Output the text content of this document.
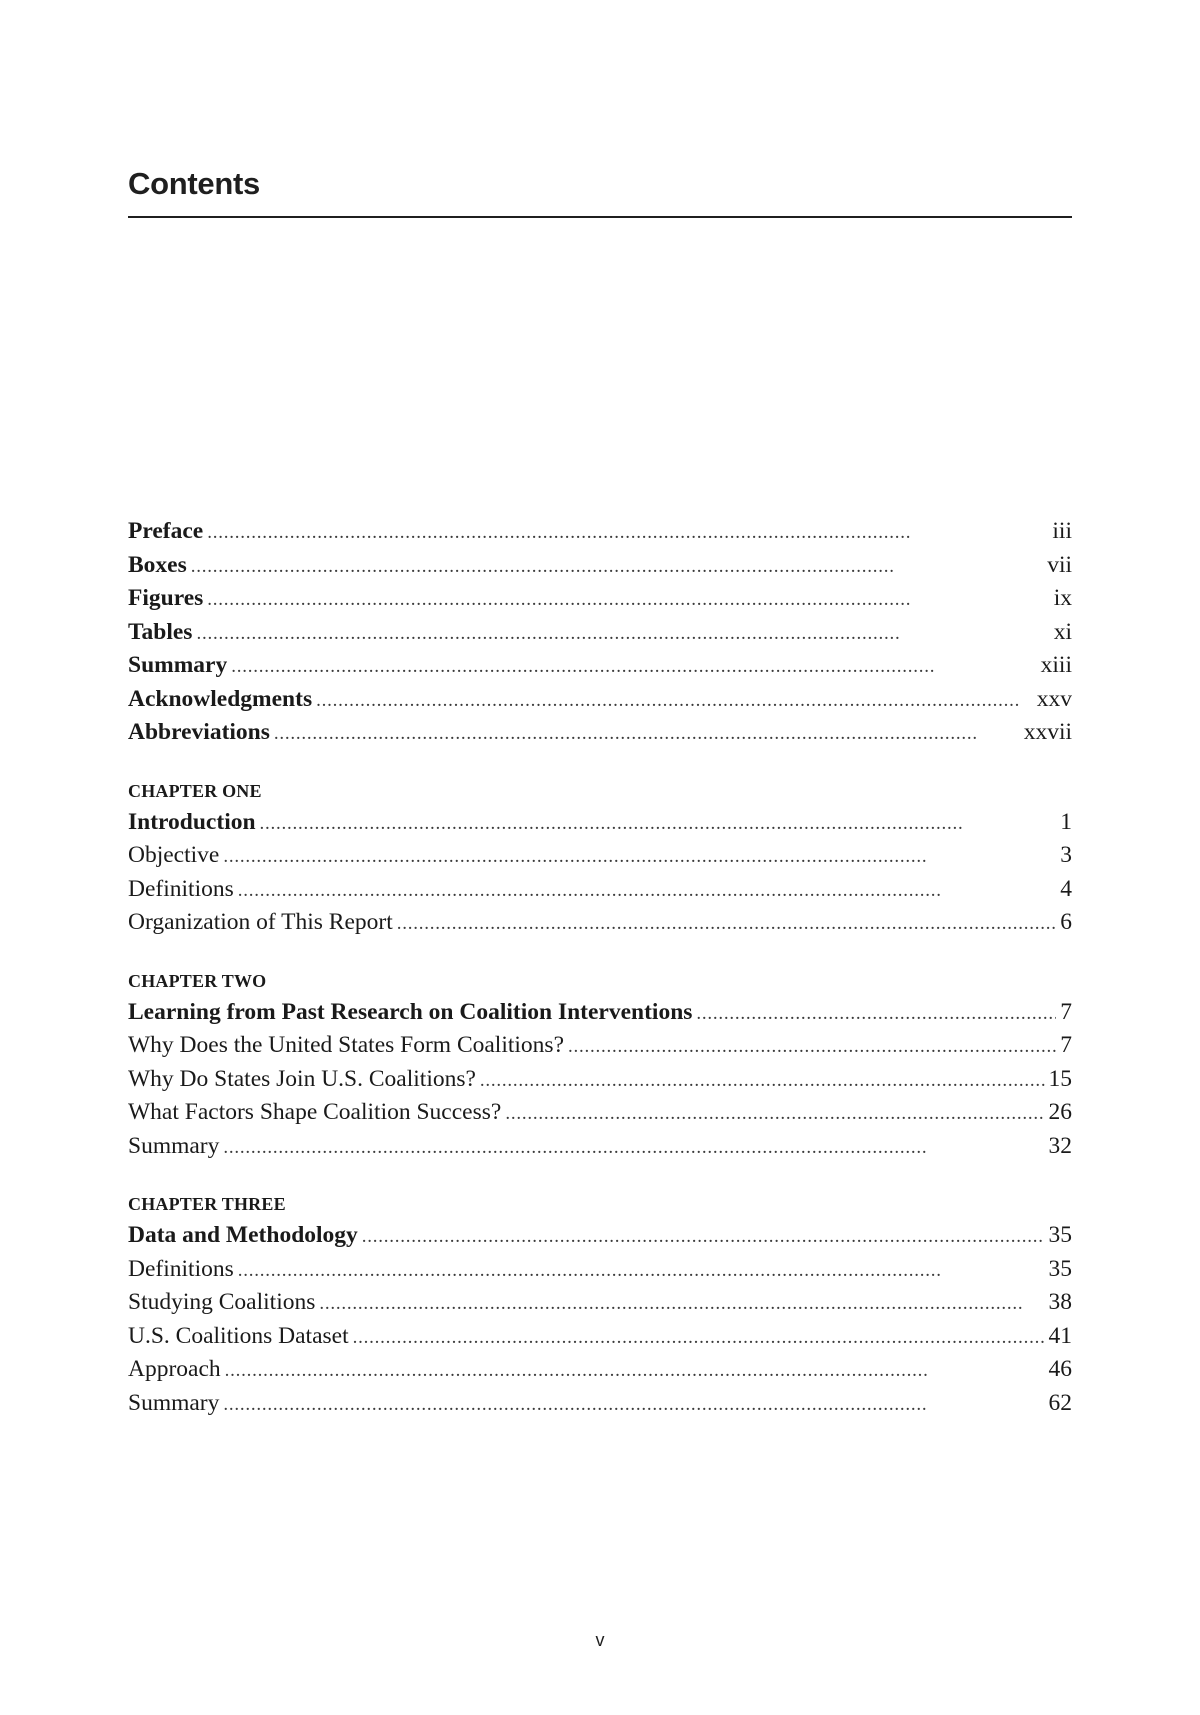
Contents
Preface . . .	iii
Boxes . . .	vii
Figures . . .	ix
Tables . . .	xi
Summary . . .	xiii
Acknowledgments . . .	xxv
Abbreviations . . .	xxvii
CHAPTER ONE
Introduction . . .	1
Objective . . .	3
Definitions . . .	4
Organization of This Report . . .	6
CHAPTER TWO
Learning from Past Research on Coalition Interventions . . .	7
Why Does the United States Form Coalitions? . . .	7
Why Do States Join U.S. Coalitions? . . .	15
What Factors Shape Coalition Success? . . .	26
Summary . . .	32
CHAPTER THREE
Data and Methodology . . .	35
Definitions . . .	35
Studying Coalitions . . .	38
U.S. Coalitions Dataset . . .	41
Approach . . .	46
Summary . . .	62
v
